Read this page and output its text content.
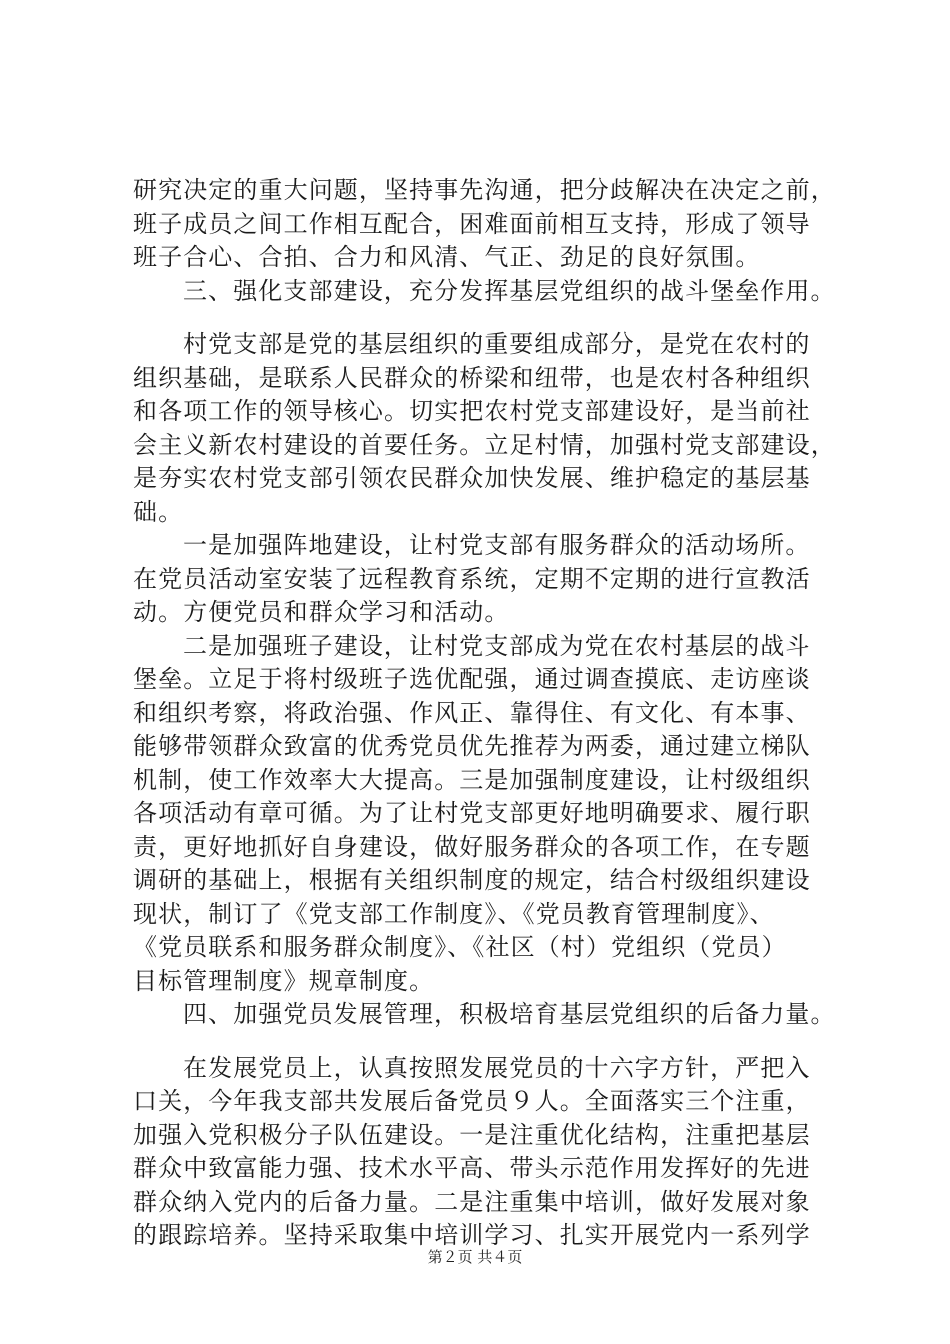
研究决定的重大问题，坚持事先沟通，把分歧解决在决定之前，
班子成员之间工作相互配合，困难面前相互支持，形成了领导
班子合心、合拍、合力和风清、气正、劲足的良好氛围。
三、强化支部建设，充分发挥基层党组织的战斗堡垒作用。
村党支部是党的基层组织的重要组成部分，是党在农村的
组织基础，是联系人民群众的桥梁和纽带，也是农村各种组织
和各项工作的领导核心。切实把农村党支部建设好，是当前社
会主义新农村建设的首要任务。立足村情，加强村党支部建设，
是夯实农村党支部引领农民群众加快发展、维护稳定的基层基
础。
一是加强阵地建设，让村党支部有服务群众的活动场所。
在党员活动室安装了远程教育系统，定期不定期的进行宣教活
动。方便党员和群众学习和活动。
二是加强班子建设，让村党支部成为党在农村基层的战斗
堡垒。立足于将村级班子选优配强，通过调查摸底、走访座谈
和组织考察，将政治强、作风正、靠得住、有文化、有本事、
能够带领群众致富的优秀党员优先推荐为两委，通过建立梯队
机制，使工作效率大大提高。三是加强制度建设，让村级组织
各项活动有章可循。为了让村党支部更好地明确要求、履行职
责，更好地抓好自身建设，做好服务群众的各项工作，在专题
调研的基础上，根据有关组织制度的规定，结合村级组织建设
现状，制订了《党支部工作制度》、《党员教育管理制度》、
《党员联系和服务群众制度》、《社区（村）党组织（党员）
目标管理制度》规章制度。
四、加强党员发展管理，积极培育基层党组织的后备力量。
在发展党员上，认真按照发展党员的十六字方针，严把入
口关，今年我支部共发展后备党员９人。全面落实三个注重，
加强入党积极分子队伍建设。一是注重优化结构，注重把基层
群众中致富能力强、技术水平高、带头示范作用发挥好的先进
群众纳入党内的后备力量。二是注重集中培训，做好发展对象
的跟踪培养。坚持采取集中培训学习、扎实开展党内一系列学
第２页 共４页
